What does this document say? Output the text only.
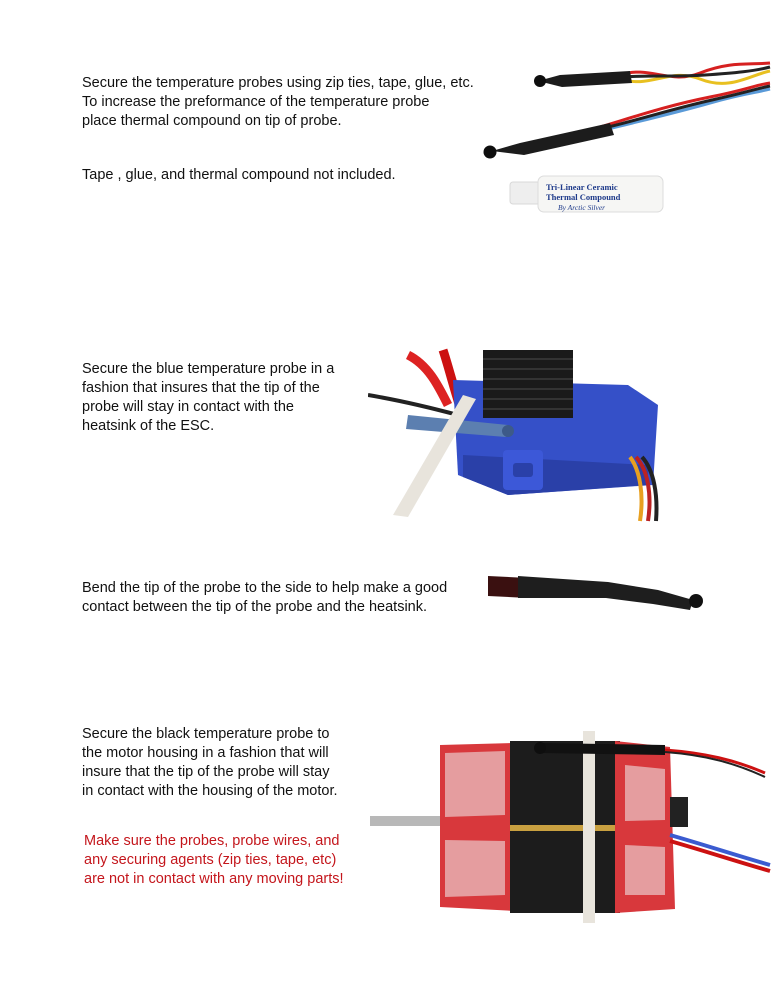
Secure the temperature probes using zip ties, tape, glue, etc.
To increase the preformance of the temperature probe
place thermal compound on tip of probe.
Tape , glue, and thermal compound not included.
Tri-Linear Ceramic
Thermal Compound
By Arctic Silver
Secure the blue temperature probe in a
fashion that insures that the tip of the
probe will stay in contact with the
heatsink of the ESC.
Bend the tip of the probe to the side to help make a good
contact between the tip of the probe and the heatsink.
Secure the black temperature probe to
the motor housing in a fashion that will
insure that the tip of the probe will stay
in contact with the housing of the motor.
Make sure the probes, probe wires, and
any securing agents (zip ties, tape, etc)
are not in contact with any moving parts!
